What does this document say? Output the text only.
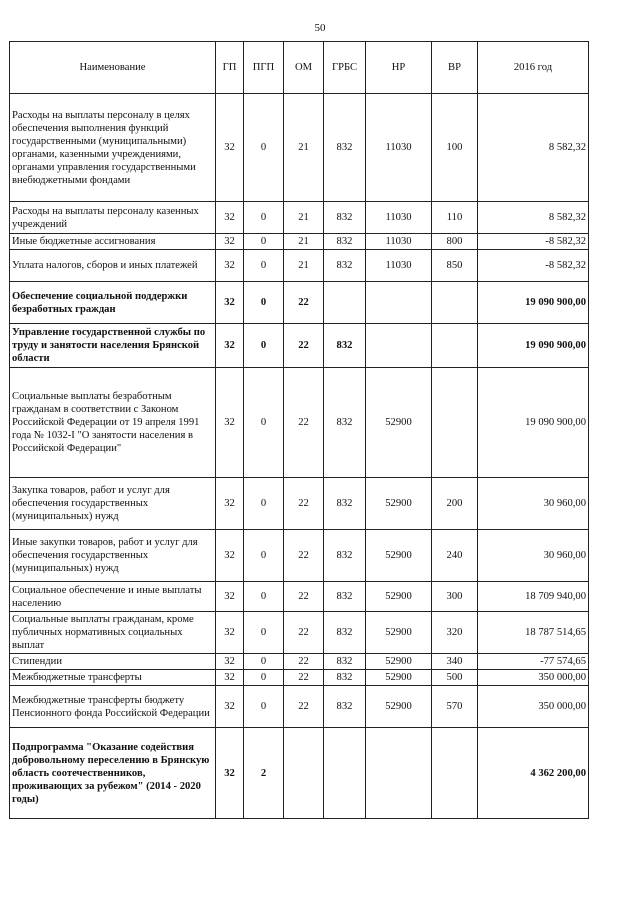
50
Наименование	ГП	ПГП	ОМ	ГРБС	НР	ВР	2016 год
Расходы на выплаты персоналу в целях обеспечения выполнения функций государственными (муниципальными) органами, казенными учреждениями, органами управления государственными внебюджетными фондами	32	0	21	832	11030	100	8 582,32
Расходы на выплаты персоналу казенных учреждений	32	0	21	832	11030	110	8 582,32
Иные бюджетные ассигнования	32	0	21	832	11030	800	-8 582,32
Уплата налогов, сборов и иных платежей	32	0	21	832	11030	850	-8 582,32
Обеспечение социальной поддержки безработных граждан	32	0	22				19 090 900,00
Управление государственной службы по труду и занятости населения Брянской области	32	0	22	832			19 090 900,00
Социальные выплаты безработным гражданам в соответствии с Законом Российской Федерации от 19 апреля 1991 года № 1032-I "О занятости населения в Российской Федерации"	32	0	22	832	52900		19 090 900,00
Закупка товаров, работ и услуг для обеспечения государственных (муниципальных) нужд	32	0	22	832	52900	200	30 960,00
Иные закупки товаров, работ и услуг для обеспечения государственных (муниципальных) нужд	32	0	22	832	52900	240	30 960,00
Социальное обеспечение и иные выплаты населению	32	0	22	832	52900	300	18 709 940,00
Социальные выплаты гражданам, кроме публичных нормативных социальных выплат	32	0	22	832	52900	320	18 787 514,65
Стипендии	32	0	22	832	52900	340	-77 574,65
Межбюджетные трансферты	32	0	22	832	52900	500	350 000,00
Межбюджетные трансферты бюджету Пенсионного фонда Российской Федерации	32	0	22	832	52900	570	350 000,00
Подпрограмма "Оказание содействия добровольному переселению в Брянскую область соотечественников, проживающих за рубежом" (2014 - 2020 годы)	32	2					4 362 200,00
